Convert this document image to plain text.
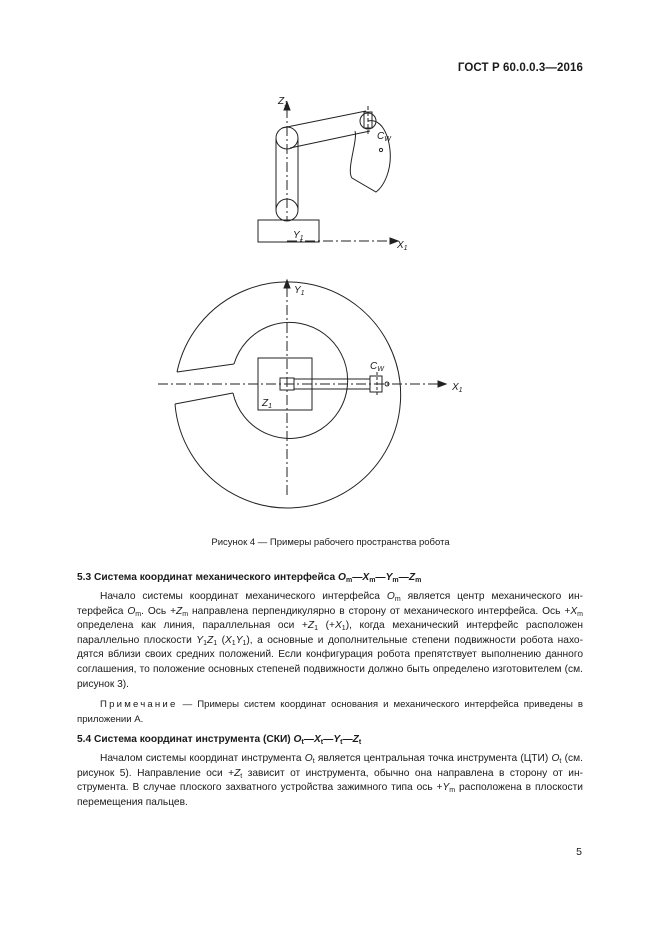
ГОСТ Р 60.0.0.3—2016
$Z_1$
$Y_1$
$X_1$
$C_W$
$Y_1$
$X_1$
$Z_1$
$C_W$
Рисунок 4 — Примеры рабочего пространства робота
5.3 Система координат механического интерфейса $O_m—X_m—Y_m—Z_m$
Начало системы координат механического интерфейса $O_m$ является центр механического ин-терфейса $O_m$. Ось $+Z_m$ направлена перпендикулярно в сторону от механического интерфейса. Ось $+X_m$ определена как линия, параллельная оси $+Z_1$ $(+X_1)$, когда механический интерфейс расположен параллельно плоскости $Y_1Z_1$ $(X_1Y_1)$, а основные и дополнительные степени подвижности робота нахо-дятся вблизи своих средних положений. Если конфигурация робота препятствует выполнению данного соглашения, то положение основных степеней подвижности должно быть определено изготовителем (см. рисунок 3).
Примечание — Примеры систем координат основания и механического интерфейса приведены в приложении А.
5.4 Система координат инструмента (СКИ) $O_t—X_t—Y_t—Z_t$
Началом системы координат инструмента $O_t$ является центральная точка инструмента (ЦТИ) $O_t$ (см. рисунок 5). Направление оси $+Z_t$ зависит от инструмента, обычно она направлена в сторону от ин-струмента. В случае плоского захватного устройства зажимного типа ось $+Y_m$ расположена в плоскости перемещения пальцев.
5
